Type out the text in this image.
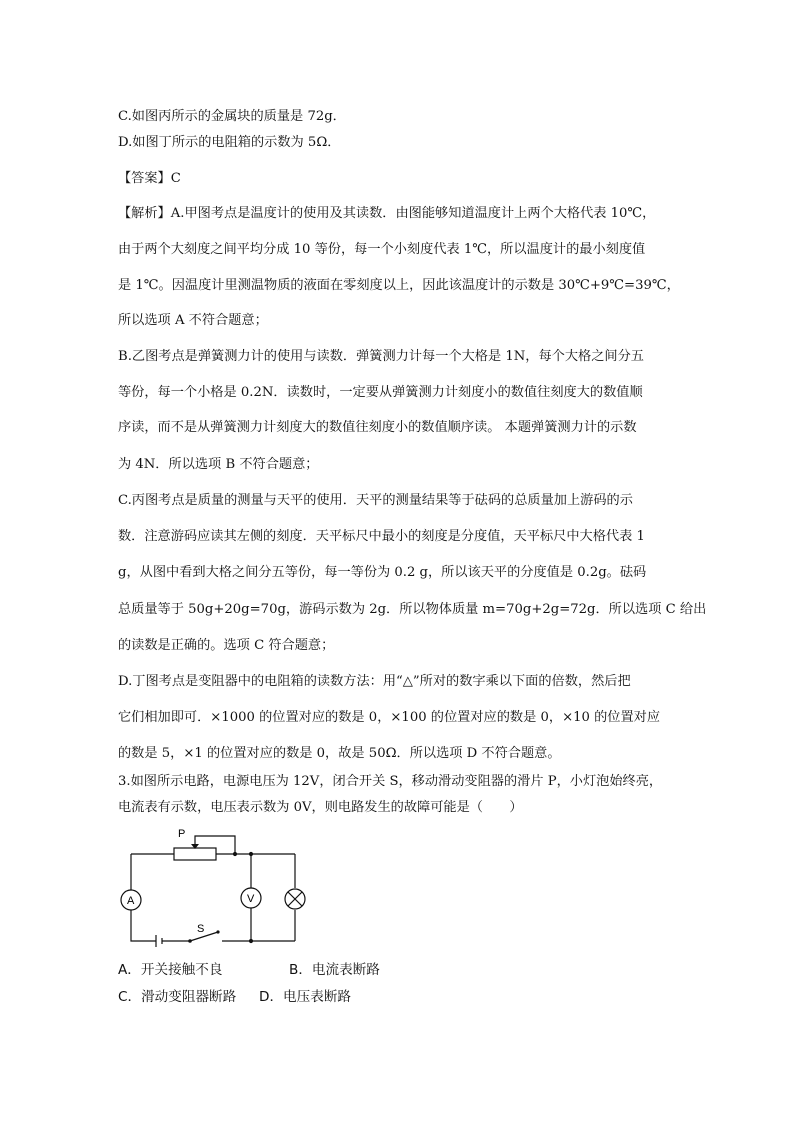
C.如图丙所示的金属块的质量是 72g．
D.如图丁所示的电阻箱的示数为 5Ω．
【答案】C
【解析】A.甲图考点是温度计的使用及其读数．由图能够知道温度计上两个大格代表 10℃，
由于两个大刻度之间平均分成 10 等份，每一个小刻度代表 1℃，所以温度计的最小刻度值
是 1℃。因温度计里测温物质的液面在零刻度以上，因此该温度计的示数是 30℃+9℃=39℃，
所以选项 A 不符合题意；
B.乙图考点是弹簧测力计的使用与读数．弹簧测力计每一个大格是 1N，每个大格之间分五
等份，每一个小格是 0.2N．读数时，一定要从弹簧测力计刻度小的数值往刻度大的数值顺
序读，而不是从弹簧测力计刻度大的数值往刻度小的数值顺序读。 本题弹簧测力计的示数
为 4N．所以选项 B 不符合题意；
C.丙图考点是质量的测量与天平的使用．天平的测量结果等于砝码的总质量加上游码的示
数．注意游码应读其左侧的刻度．天平标尺中最小的刻度是分度值，天平标尺中大格代表 1
g，从图中看到大格之间分五等份，每一等份为 0.2 g，所以该天平的分度值是 0.2g。砝码
总质量等于 50g+20g=70g，游码示数为 2g．所以物体质量 m=70g+2g=72g．所以选项 C 给出
的读数是正确的。选项 C 符合题意；
D.丁图考点是变阻器中的电阻箱的读数方法：用“△”所对的数字乘以下面的倍数，然后把
它们相加即可．×1000 的位置对应的数是 0，×100 的位置对应的数是 0，×10 的位置对应
的数是 5，×1 的位置对应的数是 0，故是 50Ω．所以选项 D 不符合题意。
3.如图所示电路，电源电压为 12V，闭合开关 S，移动滑动变阻器的滑片 P，小灯泡始终亮，
电流表有示数，电压表示数为 0V，则电路发生的故障可能是（　　）
P
S
A	V
A．开关接触不良	B．电流表断路
C．滑动变阻器断路 D．电压表断路
